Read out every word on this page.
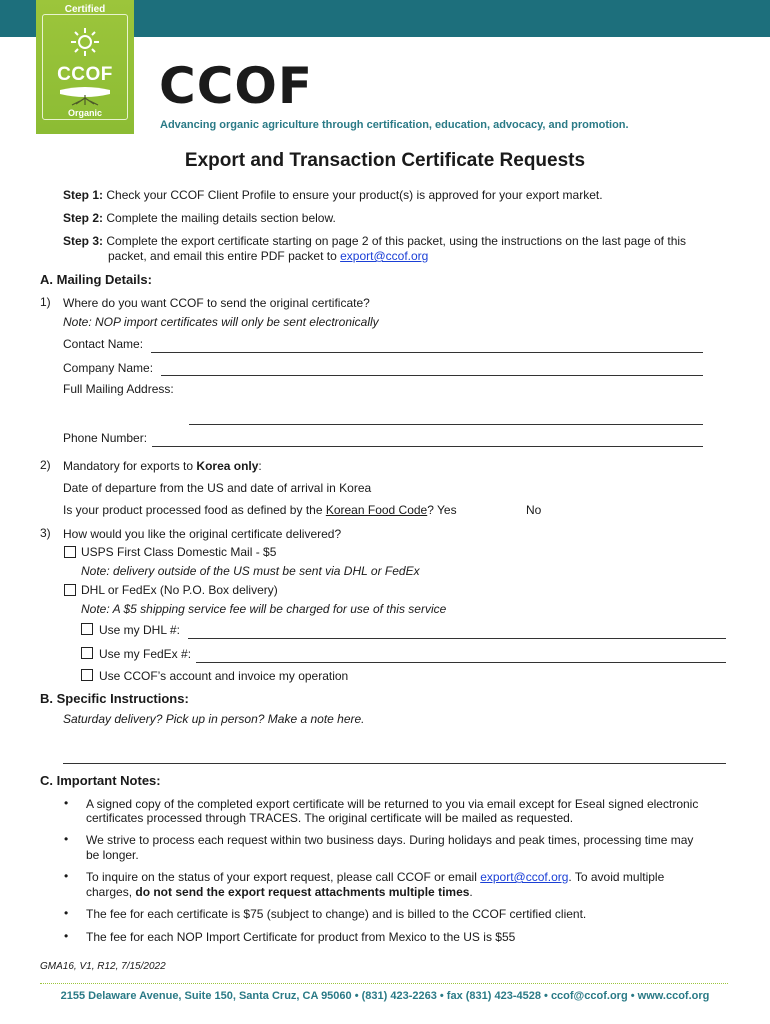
Certified
CCOF
Organic	CCOF
Advancing organic agriculture through certification, education, advocacy, and promotion.
Export and Transaction Certificate Requests
Step 1: Check your CCOF Client Profile to ensure your product(s) is approved for your export market.
Step 2: Complete the mailing details section below.
Step 3: Complete the export certificate starting on page 2 of this packet, using the instructions on the last page of this
packet, and email this entire PDF packet to export@ccof.org
A. Mailing Details:
1) Where do you want CCOF to send the original certificate?
Note: NOP import certificates will only be sent electronically
Contact Name:
Company Name:
Full Mailing Address:
Phone Number:
2) Mandatory for exports to Korea only:
Date of departure from the US and date of arrival in Korea
Is your product processed food as defined by the Korean Food Code? Yes	No
3) How would you like the original certificate delivered?
USPS First Class Domestic Mail - $5
Note: delivery outside of the US must be sent via DHL or FedEx
DHL or FedEx (No P.O. Box delivery)
Note: A $5 shipping service fee will be charged for use of this service
Use my DHL #:
Use my FedEx #:
Use CCOF’s account and invoice my operation
B. Specific Instructions:
Saturday delivery? Pick up in person? Make a note here.
C. Important Notes:
• A signed copy of the completed export certificate will be returned to you via email except for Eseal signed electronic
certificates processed through TRACES. The original certificate will be mailed as requested.
• We strive to process each request within two business days. During holidays and peak times, processing time may
be longer.
• To inquire on the status of your export request, please call CCOF or email export@ccof.org. To avoid multiple
charges, do not send the export request attachments multiple times.
• The fee for each certificate is $75 (subject to change) and is billed to the CCOF certified client.
• The fee for each NOP Import Certificate for product from Mexico to the US is $55
GMA16, V1, R12, 7/15/2022
2155 Delaware Avenue, Suite 150, Santa Cruz, CA 95060 • (831) 423-2263 • fax (831) 423-4528 • ccof@ccof.org • www.ccof.org
